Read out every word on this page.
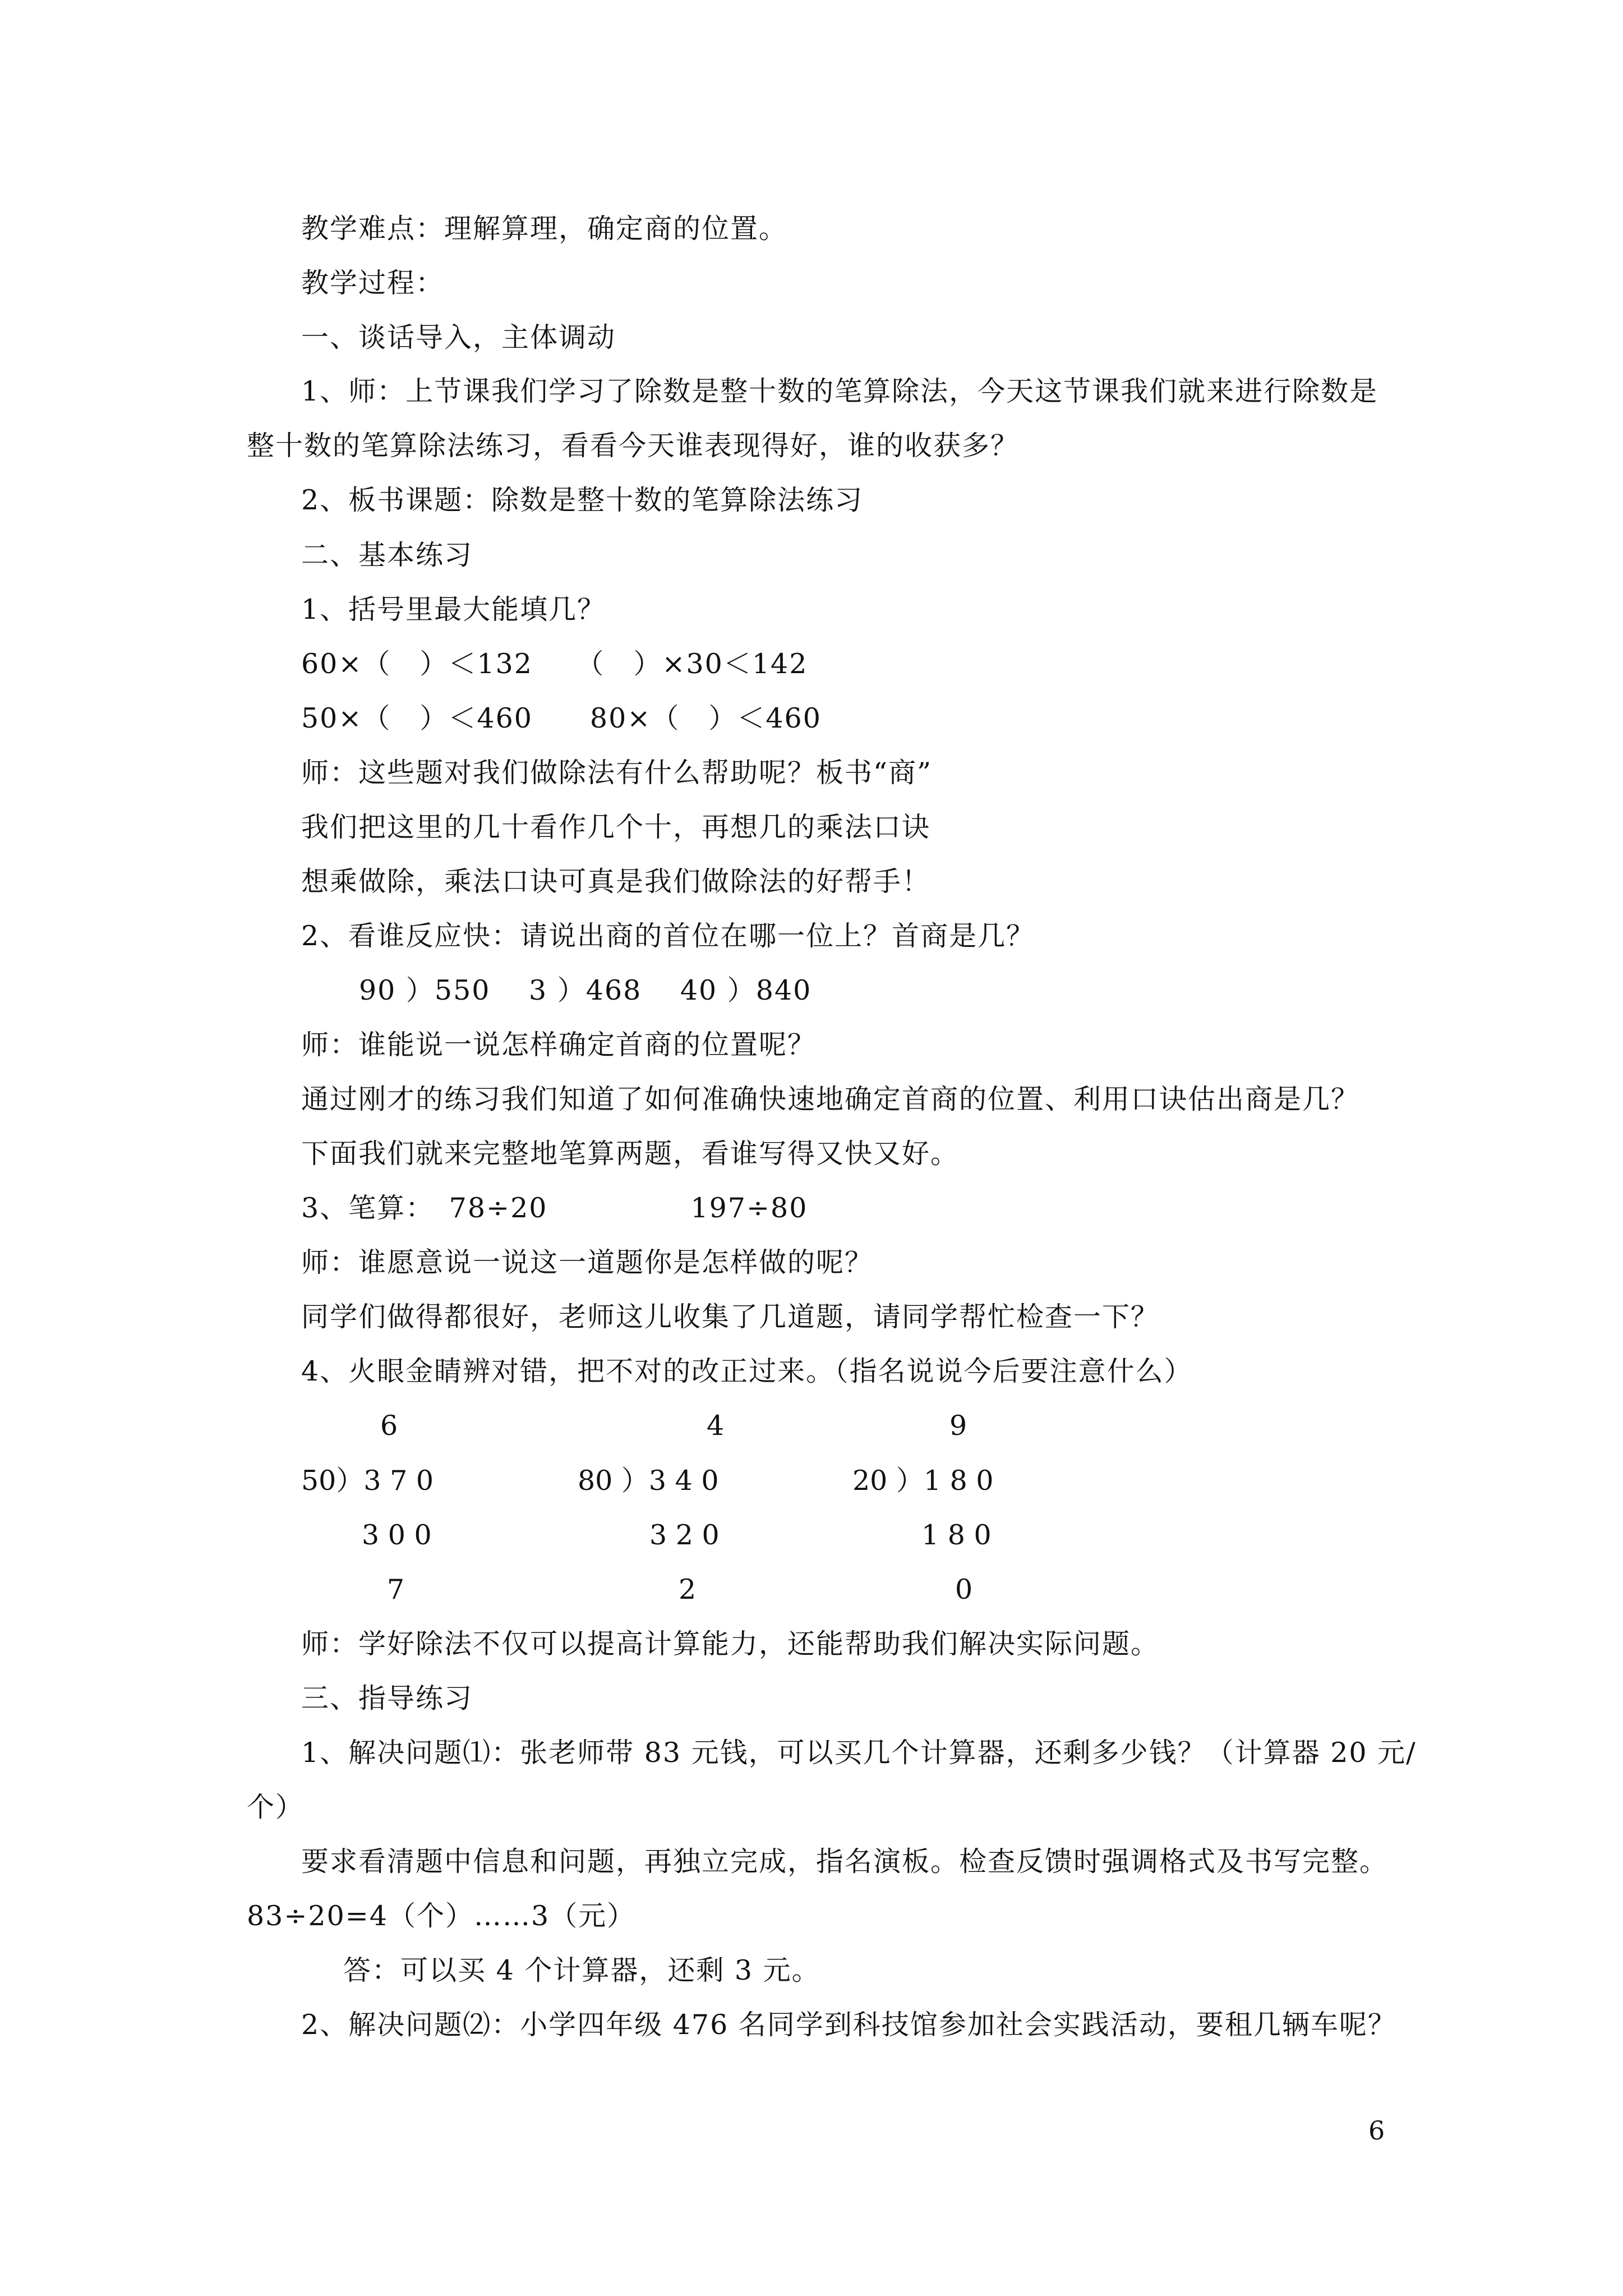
教学难点：理解算理，确定商的位置。
教学过程：
一、谈话导入，主体调动
1、师：上节课我们学习了除数是整十数的笔算除法，今天这节课我们就来进行除数是
整十数的笔算除法练习，看看今天谁表现得好，谁的收获多？
2、板书课题：除数是整十数的笔算除法练习
二、基本练习
1、括号里最大能填几？
60×（　）＜132　　（　）×30＜142
50×（　）＜460　　80×（　）＜460
师：这些题对我们做除法有什么帮助呢？板书“商”
我们把这里的几十看作几个十，再想几的乘法口诀
想乘做除，乘法口诀可真是我们做除法的好帮手！
2、看谁反应快：请说出商的首位在哪一位上？首商是几？
90 ）550　 3 ）468　 40 ）840
师：谁能说一说怎样确定首商的位置呢？
通过刚才的练习我们知道了如何准确快速地确定首商的位置、利用口诀估出商是几？
下面我们就来完整地笔算两题，看谁写得又快又好。
3、笔算：　78÷20　　　　　197÷80
师：谁愿意说一说这一道题你是怎样做的呢？
同学们做得都很好，老师这儿收集了几道题，请同学帮忙检查一下？
4、火眼金睛辨对错，把不对的改正过来。（指名说说今后要注意什么）
6	4	9
50）3 7 0	80 ）3 4 0	20 ）1 8 0
3 0 0	3 2 0	1 8 0
7	2	0
师：学好除法不仅可以提高计算能力，还能帮助我们解决实际问题。
三、指导练习
1、解决问题⑴：张老师带 83 元钱，可以买几个计算器，还剩多少钱？（计算器 20 元/
个）
要求看清题中信息和问题，再独立完成，指名演板。检查反馈时强调格式及书写完整。
83÷20=4（个）……3（元）
答：可以买 4 个计算器，还剩 3 元。
2、解决问题⑵：小学四年级 476 名同学到科技馆参加社会实践活动，要租几辆车呢？
6
